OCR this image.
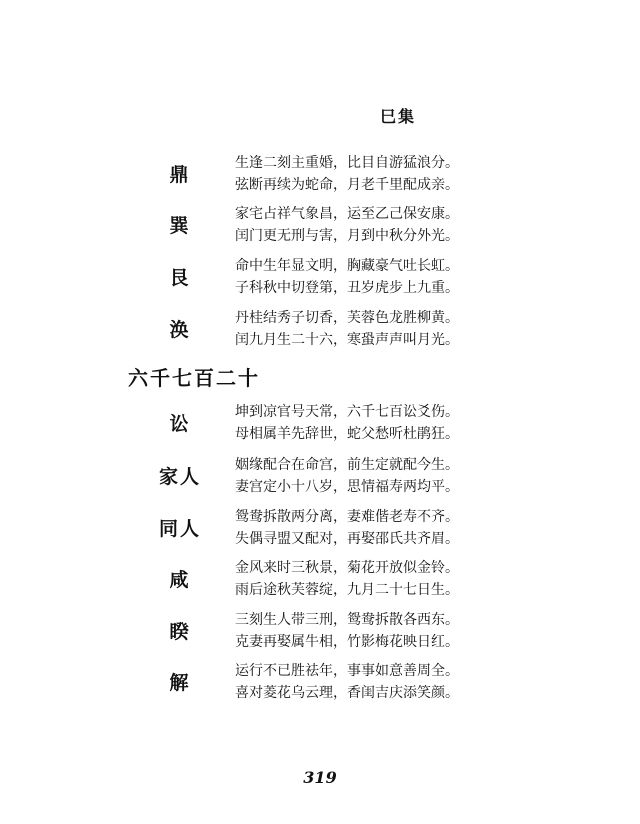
巳集
鼎
生逢二刻主重婚，比目自游猛浪分。
弦断再续为蛇命，月老千里配成亲。
巽
家宅占祥气象昌，运至乙己保安康。
闰门更无刑与害，月到中秋分外光。
艮
命中生年显文明，胸藏豪气吐长虹。
子科秋中切登第，丑岁虎步上九重。
涣
丹桂结秀子切香，芙蓉色龙胜柳黄。
闰九月生二十六，寒蛩声声叫月光。
六千七百二十
讼
坤到凉官号天常，六千七百讼爻伤。
母相属羊先辞世，蛇父愁听杜鹃狂。
家人
姻缘配合在命宫，前生定就配今生。
妻宫定小十八岁，思情福寿两均平。
同人
鸳鸯拆散两分离，妻难偕老寿不齐。
失偶寻盟又配对，再娶邵氏共齐眉。
咸
金风来时三秋景，菊花开放似金铃。
雨后途秋芙蓉绽，九月二十七日生。
睽
三刻生人带三刑，鸳鸯拆散各西东。
克妻再娶属牛相，竹影梅花映日红。
解
运行不已胜祛年，事事如意善周全。
喜对菱花乌云理，香闺吉庆添笑颜。
319
